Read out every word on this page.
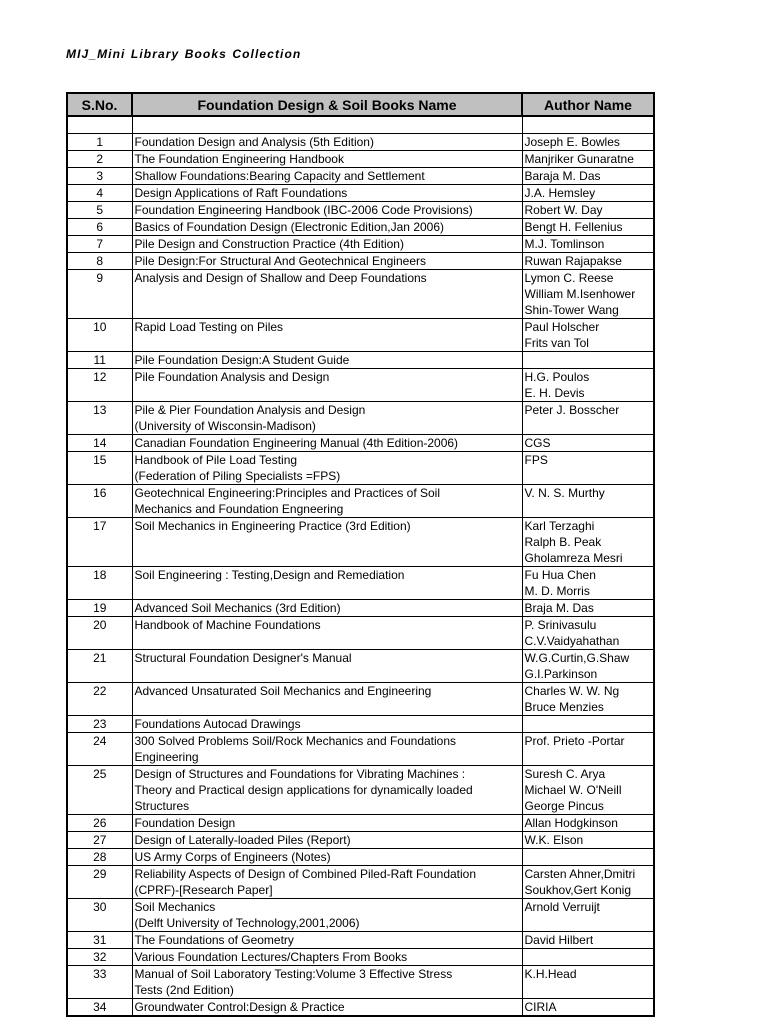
MIJ_Mini Library Books Collection
S.No.	Foundation Design & Soil Books Name	Author Name

1	Foundation Design and Analysis (5th Edition)	Joseph E. Bowles

2	The Foundation Engineering Handbook	Manjriker Gunaratne

3	Shallow Foundations:Bearing Capacity and Settlement	Baraja M. Das

4	Design Applications of Raft Foundations	J.A. Hemsley

5	Foundation Engineering Handbook (IBC-2006 Code Provisions)	Robert W. Day

6	Basics of Foundation Design (Electronic Edition,Jan 2006)	Bengt H. Fellenius

7	Pile Design and Construction Practice (4th Edition)	M.J. Tomlinson

8	Pile Design:For Structural And Geotechnical Engineers	Ruwan Rajapakse

9	Analysis and Design of Shallow and Deep Foundations	Lymon C. Reese
William M.Isenhower
Shin-Tower Wang

10	Rapid Load Testing on Piles	Paul Holscher
Frits van Tol

11	Pile Foundation Design:A Student Guide	

12	Pile Foundation Analysis and Design	H.G. Poulos
E. H. Devis

13	Pile & Pier Foundation Analysis and Design
(University of Wisconsin-Madison)	Peter J. Bosscher

14	Canadian Foundation Engineering Manual (4th Edition-2006)	CGS

15	Handbook of Pile Load Testing
(Federation of Piling Specialists =FPS)	FPS

16	Geotechnical Engineering:Principles and Practices of Soil
Mechanics and Foundation Engneering	V. N. S. Murthy

17	Soil Mechanics in Engineering Practice (3rd Edition)	Karl Terzaghi
Ralph B. Peak
Gholamreza Mesri

18	Soil Engineering : Testing,Design and Remediation	Fu Hua Chen
M. D. Morris

19	Advanced Soil Mechanics (3rd Edition)	Braja M. Das

20	Handbook of Machine Foundations	P. Srinivasulu
C.V.Vaidyahathan

21	Structural Foundation Designer's Manual	W.G.Curtin,G.Shaw
G.I.Parkinson

22	Advanced Unsaturated Soil Mechanics and Engineering	Charles W. W. Ng
Bruce Menzies

23	Foundations Autocad Drawings	

24	300 Solved Problems Soil/Rock Mechanics and Foundations
Engineering	Prof. Prieto -Portar

25	Design of Structures and Foundations for Vibrating Machines :
Theory and Practical design applications for dynamically loaded
Structures	Suresh C. Arya
Michael W. O'Neill
George Pincus

26	Foundation Design	Allan Hodgkinson

27	Design of Laterally-loaded Piles (Report)	W.K. Elson

28	US Army Corps of Engineers (Notes)	

29	Reliability Aspects of Design of Combined Piled-Raft Foundation
(CPRF)-[Research Paper]	Carsten Ahner,Dmitri
Soukhov,Gert Konig

30	Soil Mechanics
(Delft University of Technology,2001,2006)	Arnold Verruijt

31	The Foundations of Geometry	David Hilbert

32	Various Foundation Lectures/Chapters From Books	

33	Manual of Soil Laboratory Testing:Volume 3 Effective Stress
Tests (2nd Edition)	K.H.Head

34	Groundwater Control:Design & Practice	CIRIA
